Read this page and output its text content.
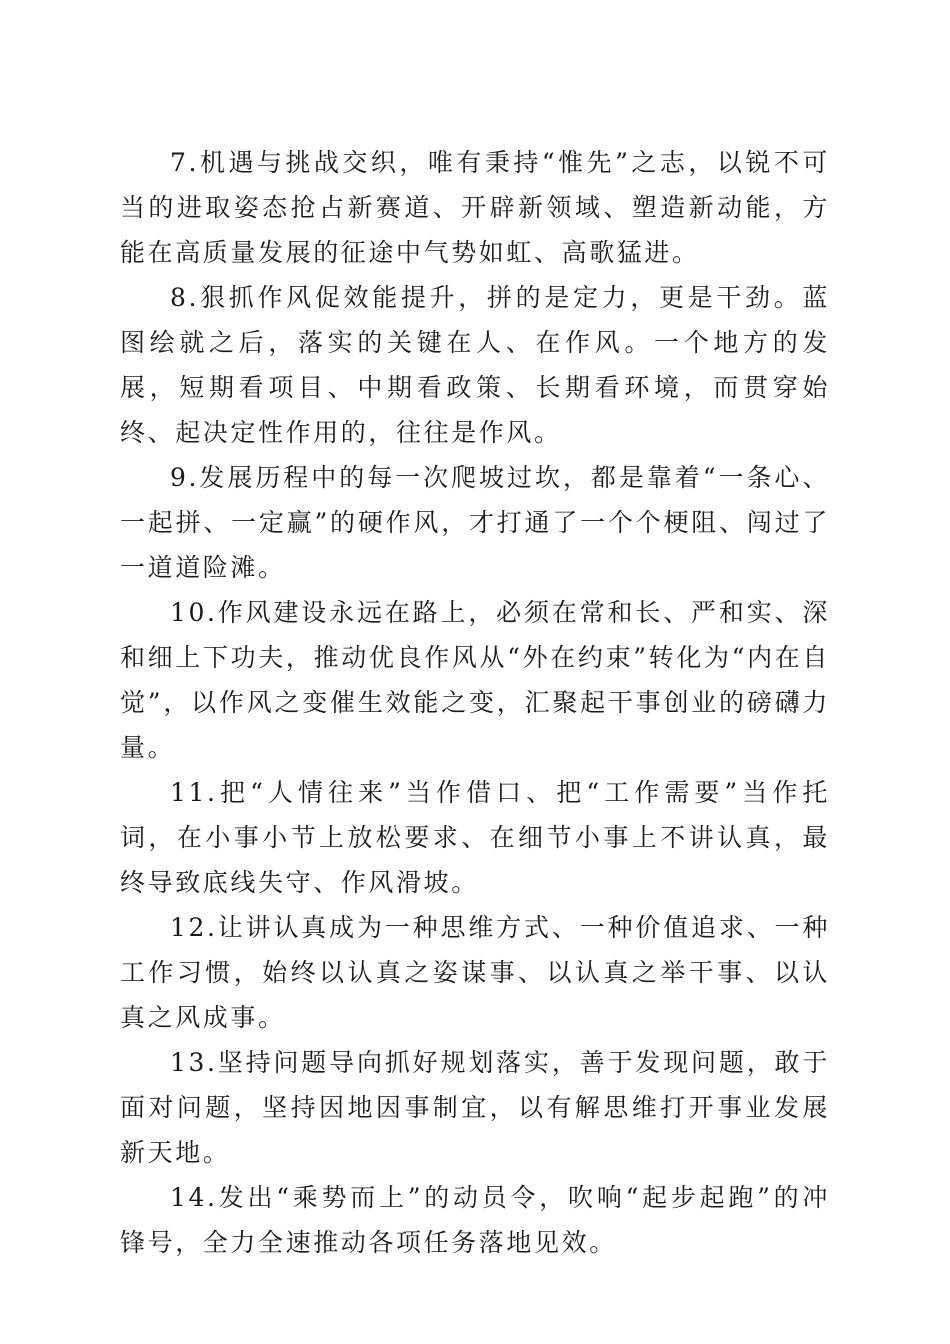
7.机遇与挑战交织，唯有秉持“惟先”之志，以锐不可当的进取姿态抢占新赛道、开辟新领域、塑造新动能，方能在高质量发展的征途中气势如虹、高歌猛进。

8.狠抓作风促效能提升，拼的是定力，更是干劲。蓝图绘就之后，落实的关键在人、在作风。一个地方的发展，短期看项目、中期看政策、长期看环境，而贯穿始终、起决定性作用的，往往是作风。

9.发展历程中的每一次爬坡过坎，都是靠着“一条心、一起拼、一定赢”的硬作风，才打通了一个个梗阻、闯过了一道道险滩。

10.作风建设永远在路上，必须在常和长、严和实、深和细上下功夫，推动优良作风从“外在约束”转化为“内在自觉”，以作风之变催生效能之变，汇聚起干事创业的磅礴力量。

11.把“人情往来”当作借口、把“工作需要”当作托词，在小事小节上放松要求、在细节小事上不讲认真，最终导致底线失守、作风滑坡。

12.让讲认真成为一种思维方式、一种价值追求、一种工作习惯，始终以认真之姿谋事、以认真之举干事、以认真之风成事。

13.坚持问题导向抓好规划落实，善于发现问题，敢于面对问题，坚持因地因事制宜，以有解思维打开事业发展新天地。

14.发出“乘势而上”的动员令，吹响“起步起跑”的冲锋号，全力全速推动各项任务落地见效。
